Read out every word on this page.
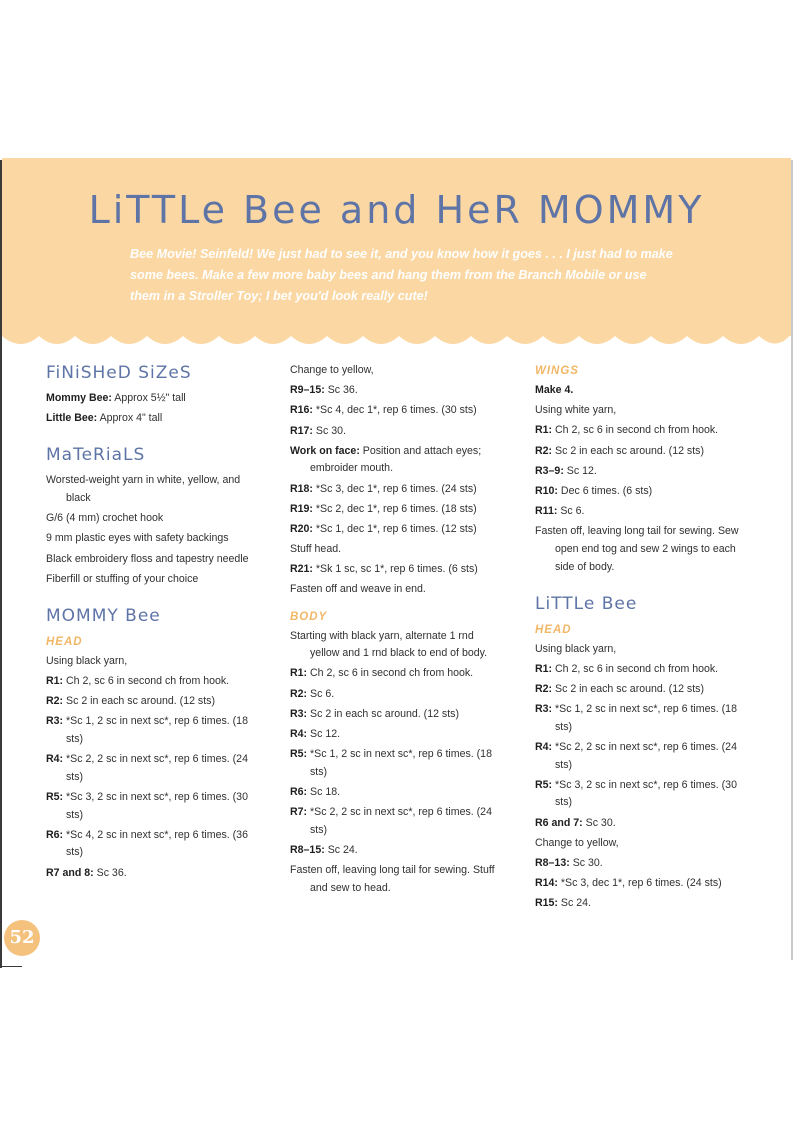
LiTTLe Bee and HeR MOMMY
Bee Movie! Seinfeld! We just had to see it, and you know how it goes . . . I just had to make some bees. Make a few more baby bees and hang them from the Branch Mobile or use them in a Stroller Toy; I bet you'd look really cute!
FiNiSHeD SiZeS
Mommy Bee: Approx 5½" tall
Little Bee: Approx 4" tall
MaTeRiaLS
Worsted-weight yarn in white, yellow, and black
G/6 (4 mm) crochet hook
9 mm plastic eyes with safety backings
Black embroidery floss and tapestry needle
Fiberfill or stuffing of your choice
MOMMY Bee
HEAD
Using black yarn,
R1: Ch 2, sc 6 in second ch from hook.
R2: Sc 2 in each sc around. (12 sts)
R3: *Sc 1, 2 sc in next sc*, rep 6 times. (18 sts)
R4: *Sc 2, 2 sc in next sc*, rep 6 times. (24 sts)
R5: *Sc 3, 2 sc in next sc*, rep 6 times. (30 sts)
R6: *Sc 4, 2 sc in next sc*, rep 6 times. (36 sts)
R7 and 8: Sc 36.
Change to yellow,
R9–15: Sc 36.
R16: *Sc 4, dec 1*, rep 6 times. (30 sts)
R17: Sc 30.
Work on face: Position and attach eyes; embroider mouth.
R18: *Sc 3, dec 1*, rep 6 times. (24 sts)
R19: *Sc 2, dec 1*, rep 6 times. (18 sts)
R20: *Sc 1, dec 1*, rep 6 times. (12 sts)
Stuff head.
R21: *Sk 1 sc, sc 1*, rep 6 times. (6 sts)
Fasten off and weave in end.
BODY
Starting with black yarn, alternate 1 rnd yellow and 1 rnd black to end of body.
R1: Ch 2, sc 6 in second ch from hook.
R2: Sc 6.
R3: Sc 2 in each sc around. (12 sts)
R4: Sc 12.
R5: *Sc 1, 2 sc in next sc*, rep 6 times. (18 sts)
R6: Sc 18.
R7: *Sc 2, 2 sc in next sc*, rep 6 times. (24 sts)
R8–15: Sc 24.
Fasten off, leaving long tail for sewing. Stuff and sew to head.
WINGS
Make 4.
Using white yarn,
R1: Ch 2, sc 6 in second ch from hook.
R2: Sc 2 in each sc around. (12 sts)
R3–9: Sc 12.
R10: Dec 6 times. (6 sts)
R11: Sc 6.
Fasten off, leaving long tail for sewing. Sew open end tog and sew 2 wings to each side of body.
LiTTLe Bee
HEAD
Using black yarn,
R1: Ch 2, sc 6 in second ch from hook.
R2: Sc 2 in each sc around. (12 sts)
R3: *Sc 1, 2 sc in next sc*, rep 6 times. (18 sts)
R4: *Sc 2, 2 sc in next sc*, rep 6 times. (24 sts)
R5: *Sc 3, 2 sc in next sc*, rep 6 times. (30 sts)
R6 and 7: Sc 30.
Change to yellow,
R8–13: Sc 30.
R14: *Sc 3, dec 1*, rep 6 times. (24 sts)
R15: Sc 24.
52
